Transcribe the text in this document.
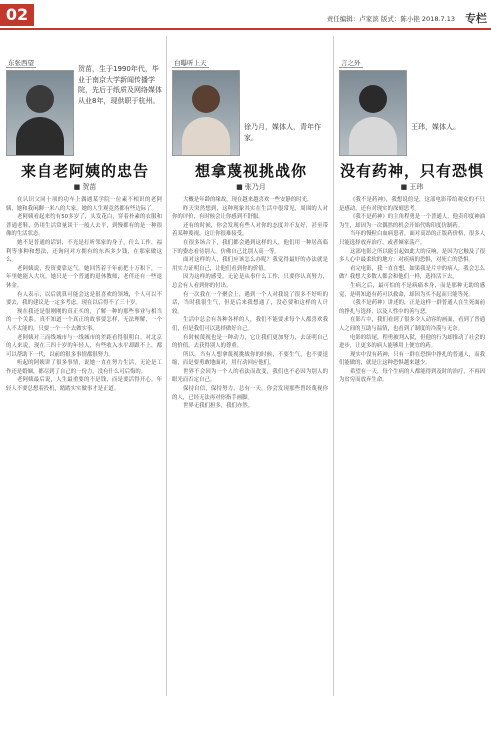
02	责任编辑：卢家滨 版式：陈小艳 2018.7.13 专栏
东张西望
贺苗，生于1990年代，毕业于南京大学新闻传播学院，先后于纸质及网络媒体从业8年，现供职于杭州。
来自老阿姨的忠告
■ 贺苗

在认识父同十项的功车上偶遇某学院一位素不相识的老阿姨，她和我闲聊一米八的大家，她的人生观竟然都有些边际了。

老阿姨看起来约有50多岁了，头发花白，穿着朴素的衣服和普通老鞋，仍用生活常量谈干一般人去平，到慢都有的是一种很像的生活状态。

她不是普通的话饼，不光是打听邻家的身子，什么工作，福利等事种和想法，还询问对方拥有的东西多少钱，在那家做这么。

老阿姨说，投资要靠运气。她回答着于年前把十万积下，一年里她能入大坑。她只是一个普通的退休教师，老伴还有一些退休金。

有人表示，以后就算可能会这是很喜欢的领域，个人可以不要去，我的建议是一定多考虑，现在以后得不了三十岁。

现在我还是很刚刚的真正买的，了解一种的那些事业与相当的一个关系。真不知道一个真正的故事要怎样，无法理解，一个人不太能的，只要一个一个去做实事。

老阿姨对三而线城市与一线城市的差距看得很明白。对北京的人来说，现在三四十岁的年轻人，有些收入水平却跟不上，都可以帮助下一代，以前的很多事情都很努力。

听起的阿姨讲了很多事情，说她一直在努力生活，无论是工作还是婚姻，都尽到了自己的一份力，没有什么可后悔的。

老阿姨最后说，人生最重要的不是钱，而是要活得开心。年轻人不要总想着投机，踏踏实实做事才是正道。

白曝听上天
徐乃月，媒体人，青年作家。
想拿蔑视挑战你
■ 张乃月

大概是年龄的缘故，现在越来越喜欢一些安静的时光。

昨天突然想到，这种现象其实在生活中很常见，周围的人对你的评价，有时候会让你感到不舒服。

还有的时候，你会发现有些人对你的态度并不友好，甚至带着某种蔑视，这让你很难接受。

在很多场合下，我们都会遇到这样的人，他们用一种居高临下的姿态看待别人，仿佛自己比别人高一等。

面对这样的人，我们应该怎么办呢？我觉得最好的办法就是用实力证明自己，让他们看到你的价值。

因为这样的感受，无论是从事什么工作，只要你认真努力，总会有人看到你的付出。

有一次我在一个聚会上，遇到一个人对我说了很多不好听的话，当时我很生气，但是后来我想通了，没必要和这样的人计较。

生活中总会有各种各样的人，我们不能要求每个人都喜欢我们，但是我们可以选择做好自己。

有时候蔑视也是一种动力，它让我们更加努力，去证明自己的价值，去获得别人的尊重。

所以，当有人想拿蔑视挑战你的时候，不要生气，也不要退缩，而是要勇敢地面对，用行动回应他们。

世界不会因为一个人的看法而改变，我们也不必因为别人的眼光而否定自己。

保持自信，保持努力，总有一天，你会发现那些曾经蔑视你的人，已经无法再对你指手画脚。

世界无我们担多，我们亦然。

言之外
王玮，媒体人。
没有药神，只有恐惧
■ 王玮

《我不是药神》，我想说的是，这部电影带给观众的不只是感动，还有对现实的深刻思考。

《我不是药神》的主角程勇是一个普通人，他卖印度神油为生，却因为一次偶然的机会开始代购印度仿制药。

当年的慢粒白血病患者，面对高昂的正版药价格，很多人只能选择放弃治疗，或者倾家荡产。

这部电影之所以能引起如此大的反响，是因为它触及了很多人心中最柔软的地方：对疾病的恐惧，对死亡的恐惧。

看完电影，我一直在想，如果我是片中的病人，我会怎么做？我想大多数人都会和他们一样，选择活下去。

生病之后，最可怕的不是病痛本身，而是那种无助的感觉，是明知道有药可以救命，却因为买不起而只能等死。

《我不是药神》讲述的，正是这样一群普通人在生死面前的挣扎与选择，以及人性中的善与恶。

在影片中，我们看到了很多令人动容的画面，看到了普通人之间的互助与温情，也看到了制度的冷漠与无奈。

电影的结尾，程勇被判入狱，但他的行为却推动了社会的进步，让更多的病人能够用上便宜的药。

现实中没有药神，只有一群在恐惧中挣扎的普通人，而我们能做的，就是让这种恐惧越来越少。

希望有一天，每个生病的人都能得到及时的治疗，不再因为贫穷而放弃生命。
